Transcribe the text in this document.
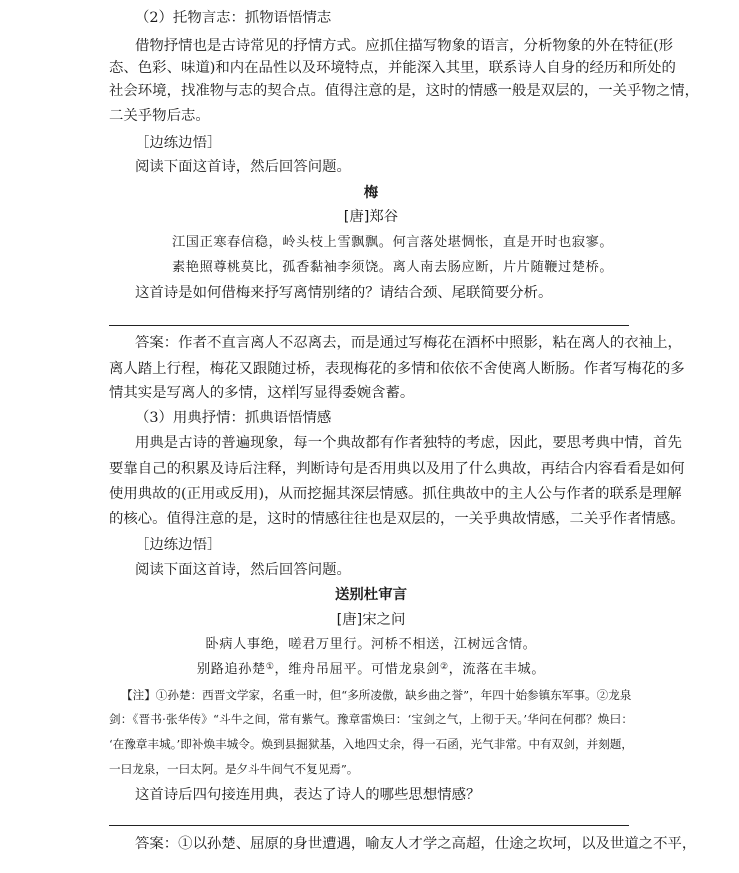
（2）托物言志：抓物语悟情志
借物抒情也是古诗常见的抒情方式。应抓住描写物象的语言，分析物象的外在特征(形
态、色彩、味道)和内在品性以及环境特点，并能深入其里，联系诗人自身的经历和所处的
社会环境，找准物与志的契合点。值得注意的是，这时的情感一般是双层的，一关乎物之情，
二关乎物后志。
［边练边悟］
阅读下面这首诗，然后回答问题。
梅
[唐]郑谷
江国正寒春信稳，岭头枝上雪飘飘。何言落处堪惆怅，直是开时也寂寥。
素艳照尊桃莫比，孤香黏袖李须饶。离人南去肠应断，片片随鞭过楚桥。
这首诗是如何借梅来抒写离情别绪的？请结合颈、尾联简要分析。
答案：作者不直言离人不忍离去，而是通过写梅花在酒杯中照影，粘在离人的衣袖上，
离人踏上行程，梅花又跟随过桥，表现梅花的多情和依依不舍使离人断肠。作者写梅花的多
情其实是写离人的多情，这样 写显得委婉含蓄。
（3）用典抒情：抓典语悟情感
用典是古诗的普遍现象，每一个典故都有作者独特的考虑，因此，要思考典中情，首先
要靠自己的积累及诗后注释，判断诗句是否用典以及用了什么典故，再结合内容看看是如何
使用典故的(正用或反用)，从而挖掘其深层情感。抓住典故中的主人公与作者的联系是理解
的核心。值得注意的是，这时的情感往往也是双层的，一关乎典故情感，二关乎作者情感。
［边练边悟］
阅读下面这首诗，然后回答问题。
送别杜审言
[唐]宋之问
卧病人事绝，嗟君万里行。河桥不相送，江树远含情。
别路追孙楚①，维舟吊屈平。可惜龙泉剑②，流落在丰城。
【注】①孙楚：西晋文学家，名重一时，但“多所凌傲，缺乡曲之誉”，年四十始参镇东军事。②龙泉
剑：《晋书·张华传》“斗牛之间，常有紫气。豫章雷焕曰：‘宝剑之气，上彻于天。’华问在何郡？焕曰：
‘在豫章丰城。’即补焕丰城令。焕到县掘狱基，入地四丈余，得一石函，光气非常。中有双剑，并刻题，
一曰龙泉，一曰太阿。是夕斗牛间气不复见焉”。
这首诗后四句接连用典，表达了诗人的哪些思想情感？
答案：①以孙楚、屈原的身世遭遇，喻友人才学之高超，仕途之坎坷，以及世道之不平，
